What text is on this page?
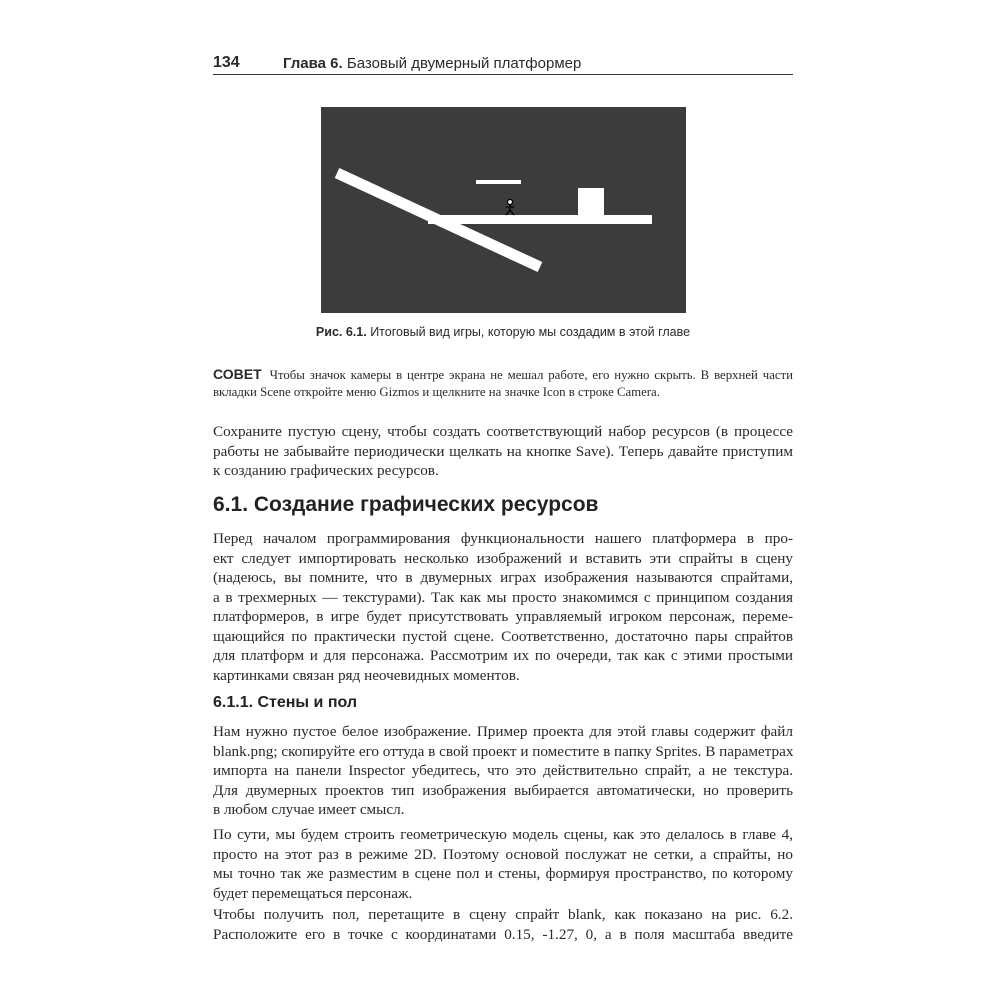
134	Глава 6. Базовый двумерный платформер
Рис. 6.1. Итоговый вид игры, которую мы создадим в этой главе
СОВЕТ Чтобы значок камеры в центре экрана не мешал работе, его нужно скрыть. В верхней части
вкладки Scene откройте меню Gizmos и щелкните на значке Icon в строке Camera.
Сохраните пустую сцену, чтобы создать соответствующий набор ресурсов (в процессе
работы не забывайте периодически щелкать на кнопке Save). Теперь давайте приступим
к созданию графических ресурсов.
6.1. Создание графических ресурсов
Перед началом программирования функциональности нашего платформера в про-
ект следует импортировать несколько изображений и вставить эти спрайты в сцену
(надеюсь, вы помните, что в двумерных играх изображения называются спрайтами,
а в трехмерных — текстурами). Так как мы просто знакомимся с принципом создания
платформеров, в игре будет присутствовать управляемый игроком персонаж, переме-
щающийся по практически пустой сцене. Соответственно, достаточно пары спрайтов
для платформ и для персонажа. Рассмотрим их по очереди, так как с этими простыми
картинками связан ряд неочевидных моментов.
6.1.1. Стены и пол
Нам нужно пустое белое изображение. Пример проекта для этой главы содержит файл
blank.png; скопируйте его оттуда в свой проект и поместите в папку Sprites. В параметрах
импорта на панели Inspector убедитесь, что это действительно спрайт, а не текстура.
Для двумерных проектов тип изображения выбирается автоматически, но проверить
в любом случае имеет смысл.
По сути, мы будем строить геометрическую модель сцены, как это делалось в главе 4,
просто на этот раз в режиме 2D. Поэтому основой послужат не сетки, а спрайты, но
мы точно так же разместим в сцене пол и стены, формируя пространство, по которому
будет перемещаться персонаж.
Чтобы получить пол, перетащите в сцену спрайт blank, как показано на рис. 6.2.
Расположите его в точке с координатами 0.15, -1.27, 0, а в поля масштаба введите
